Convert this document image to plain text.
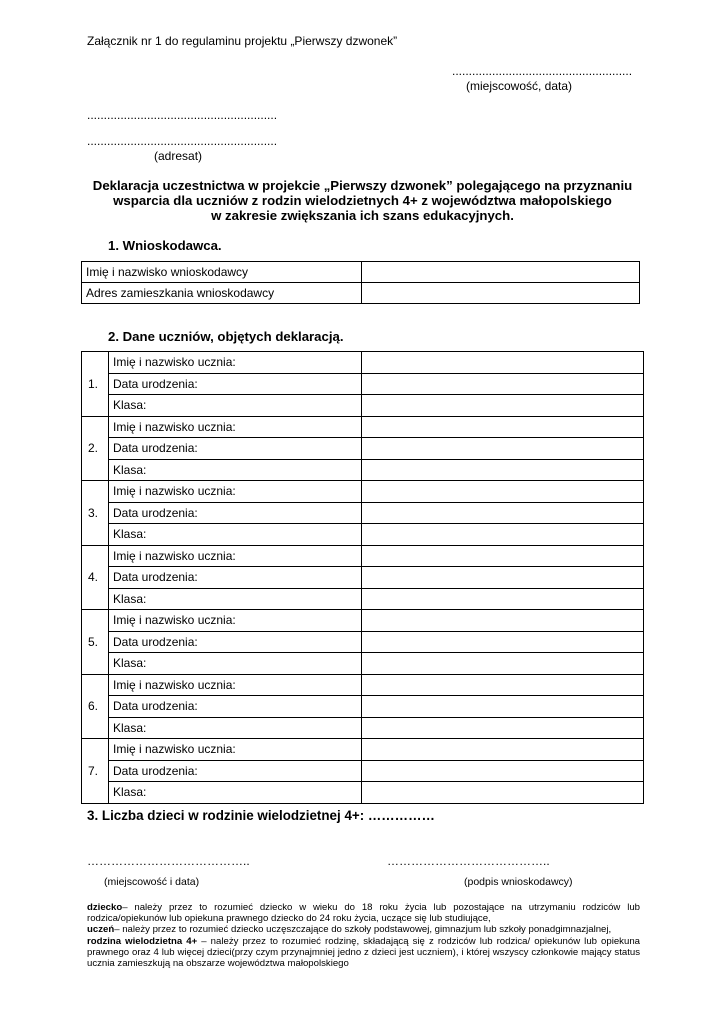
Załącznik nr 1 do regulaminu projektu „Pierwszy dzwonek”
......................................................
(miejscowość, data)
.........................................................
.........................................................
(adresat)
Deklaracja uczestnictwa w projekcie „Pierwszy dzwonek” polegającego na przyznaniu
wsparcia dla uczniów z rodzin wielodzietnych 4+ z województwa małopolskiego
w zakresie zwiększania ich szans edukacyjnych.
1. Wnioskodawca.
Imię i nazwisko wnioskodawcy	
Adres zamieszkania wnioskodawcy	
2. Dane uczniów, objętych deklaracją.
1.	Imię i nazwisko ucznia:	
	Data urodzenia:	
	Klasa:	
2.	Imię i nazwisko ucznia:	
	Data urodzenia:	
	Klasa:	
3.	Imię i nazwisko ucznia:	
	Data urodzenia:	
	Klasa:	
4.	Imię i nazwisko ucznia:	
	Data urodzenia:	
	Klasa:	
5.	Imię i nazwisko ucznia:	
	Data urodzenia:	
	Klasa:	
6.	Imię i nazwisko ucznia:	
	Data urodzenia:	
	Klasa:	
7.	Imię i nazwisko ucznia:	
	Data urodzenia:	
	Klasa:	
3. Liczba dzieci w rodzinie wielodzietnej 4+: ……………
…………………………………..	…………………………………..
(miejscowość i data)	(podpis wnioskodawcy)
dziecko– należy przez to rozumieć dziecko w wieku do 18 roku życia lub pozostające na utrzymaniu rodziców lub rodzica/opiekunów lub opiekuna prawnego dziecko do 24 roku życia, uczące się lub studiujące,
uczeń– należy przez to rozumieć dziecko uczęszczające do szkoły podstawowej, gimnazjum lub szkoły ponadgimnazjalnej,
rodzina wielodzietna 4+ – należy przez to rozumieć rodzinę, składającą się z rodziców lub rodzica/ opiekunów lub opiekuna prawnego oraz 4 lub więcej dzieci(przy czym przynajmniej jedno z dzieci jest uczniem), i której wszyscy członkowie mający status ucznia zamieszkują na obszarze województwa małopolskiego
